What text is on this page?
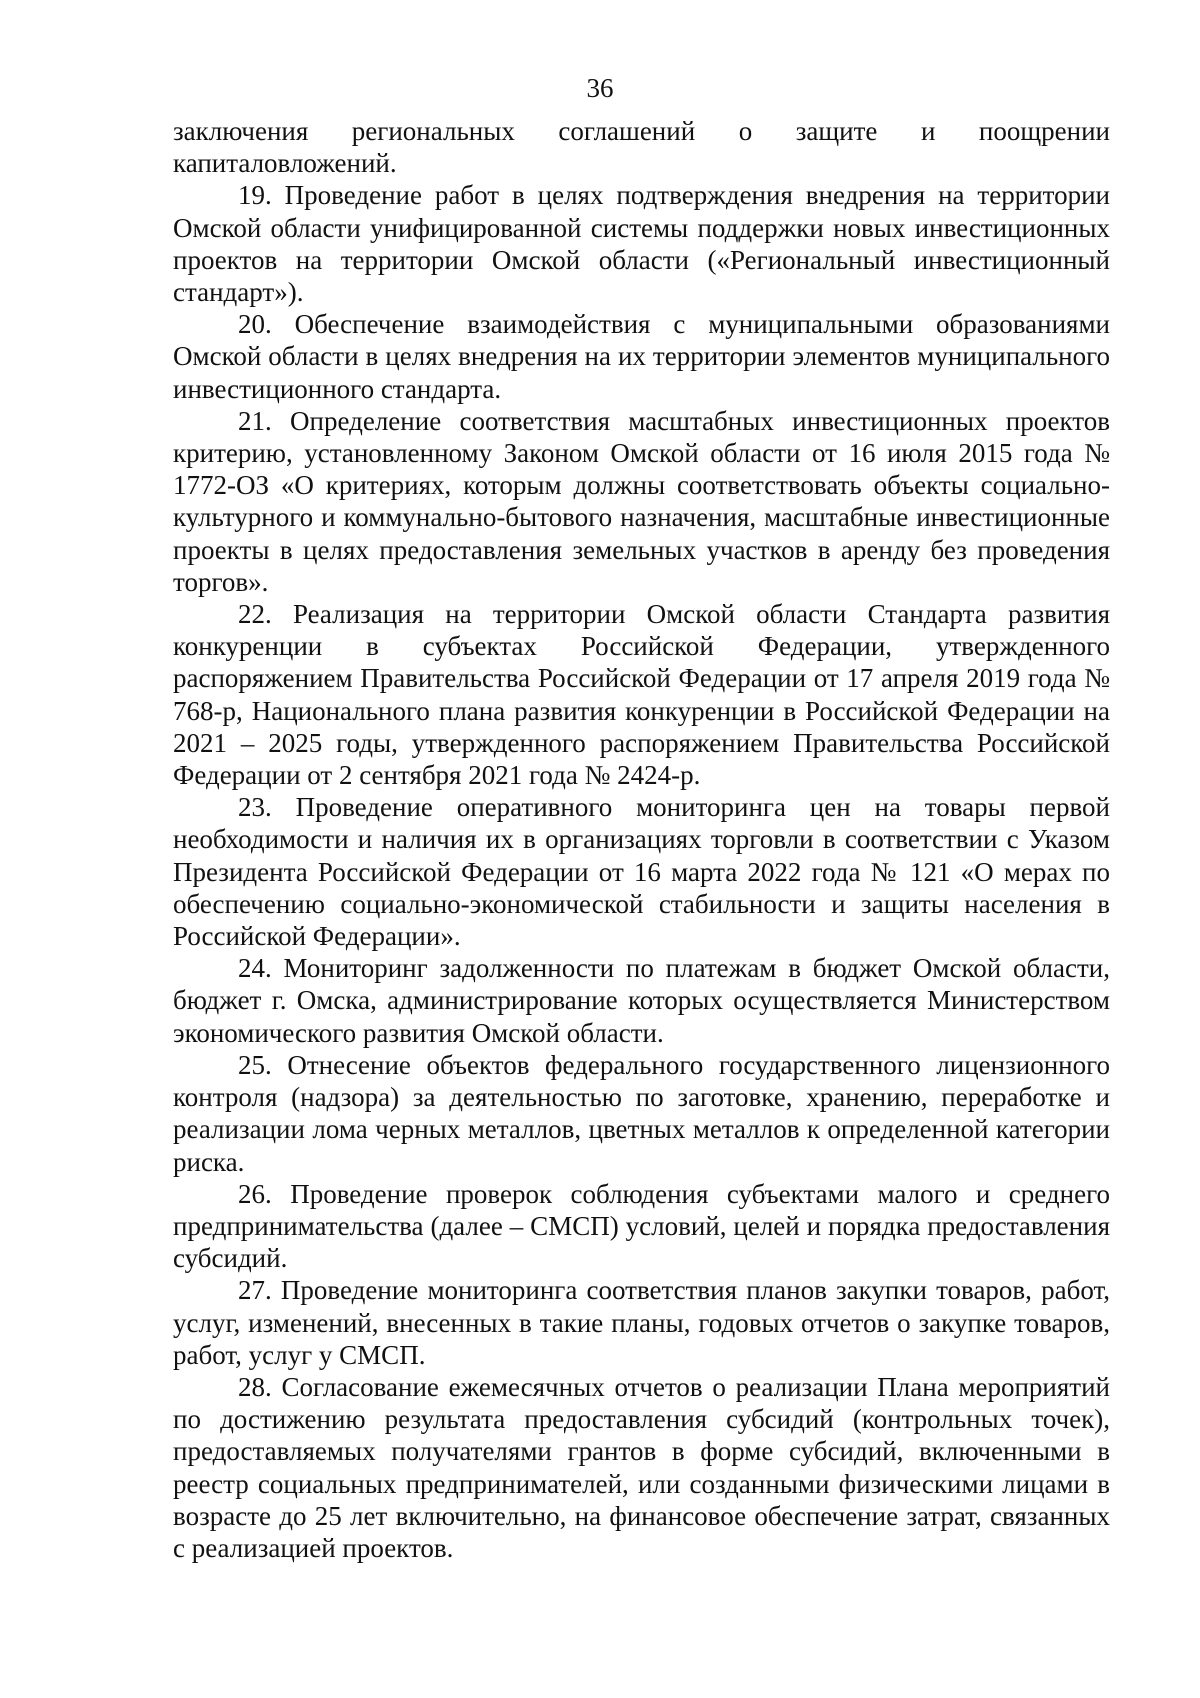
36

заключения региональных соглашений о защите и поощрении капиталовложений.

19. Проведение работ в целях подтверждения внедрения на территории Омской области унифицированной системы поддержки новых инвестиционных проектов на территории Омской области («Региональный инвестиционный стандарт»).

20. Обеспечение взаимодействия с муниципальными образованиями Омской области в целях внедрения на их территории элементов муниципального инвестиционного стандарта.

21. Определение соответствия масштабных инвестиционных проектов критерию, установленному Законом Омской области от 16 июля 2015 года № 1772-ОЗ «О критериях, которым должны соответствовать объекты социально-культурного и коммунально-бытового назначения, масштабные инвестиционные проекты в целях предоставления земельных участков в аренду без проведения торгов».

22. Реализация на территории Омской области Стандарта развития конкуренции в субъектах Российской Федерации, утвержденного распоряжением Правительства Российской Федерации от 17 апреля 2019 года № 768-р, Национального плана развития конкуренции в Российской Федерации на 2021 – 2025 годы, утвержденного распоряжением Правительства Российской Федерации от 2 сентября 2021 года № 2424-р.

23. Проведение оперативного мониторинга цен на товары первой необходимости и наличия их в организациях торговли в соответствии с Указом Президента Российской Федерации от 16 марта 2022 года № 121 «О мерах по обеспечению социально-экономической стабильности и защиты населения в Российской Федерации».

24. Мониторинг задолженности по платежам в бюджет Омской области, бюджет г. Омска, администрирование которых осуществляется Министерством экономического развития Омской области.

25. Отнесение объектов федерального государственного лицензионного контроля (надзора) за деятельностью по заготовке, хранению, переработке и реализации лома черных металлов, цветных металлов к определенной категории риска.

26. Проведение проверок соблюдения субъектами малого и среднего предпринимательства (далее – СМСП) условий, целей и порядка предоставления субсидий.

27. Проведение мониторинга соответствия планов закупки товаров, работ, услуг, изменений, внесенных в такие планы, годовых отчетов о закупке товаров, работ, услуг у СМСП.

28. Согласование ежемесячных отчетов о реализации Плана мероприятий по достижению результата предоставления субсидий (контрольных точек), предоставляемых получателями грантов в форме субсидий, включенными в реестр социальных предпринимателей, или созданными физическими лицами в возрасте до 25 лет включительно, на финансовое обеспечение затрат, связанных с реализацией проектов.
